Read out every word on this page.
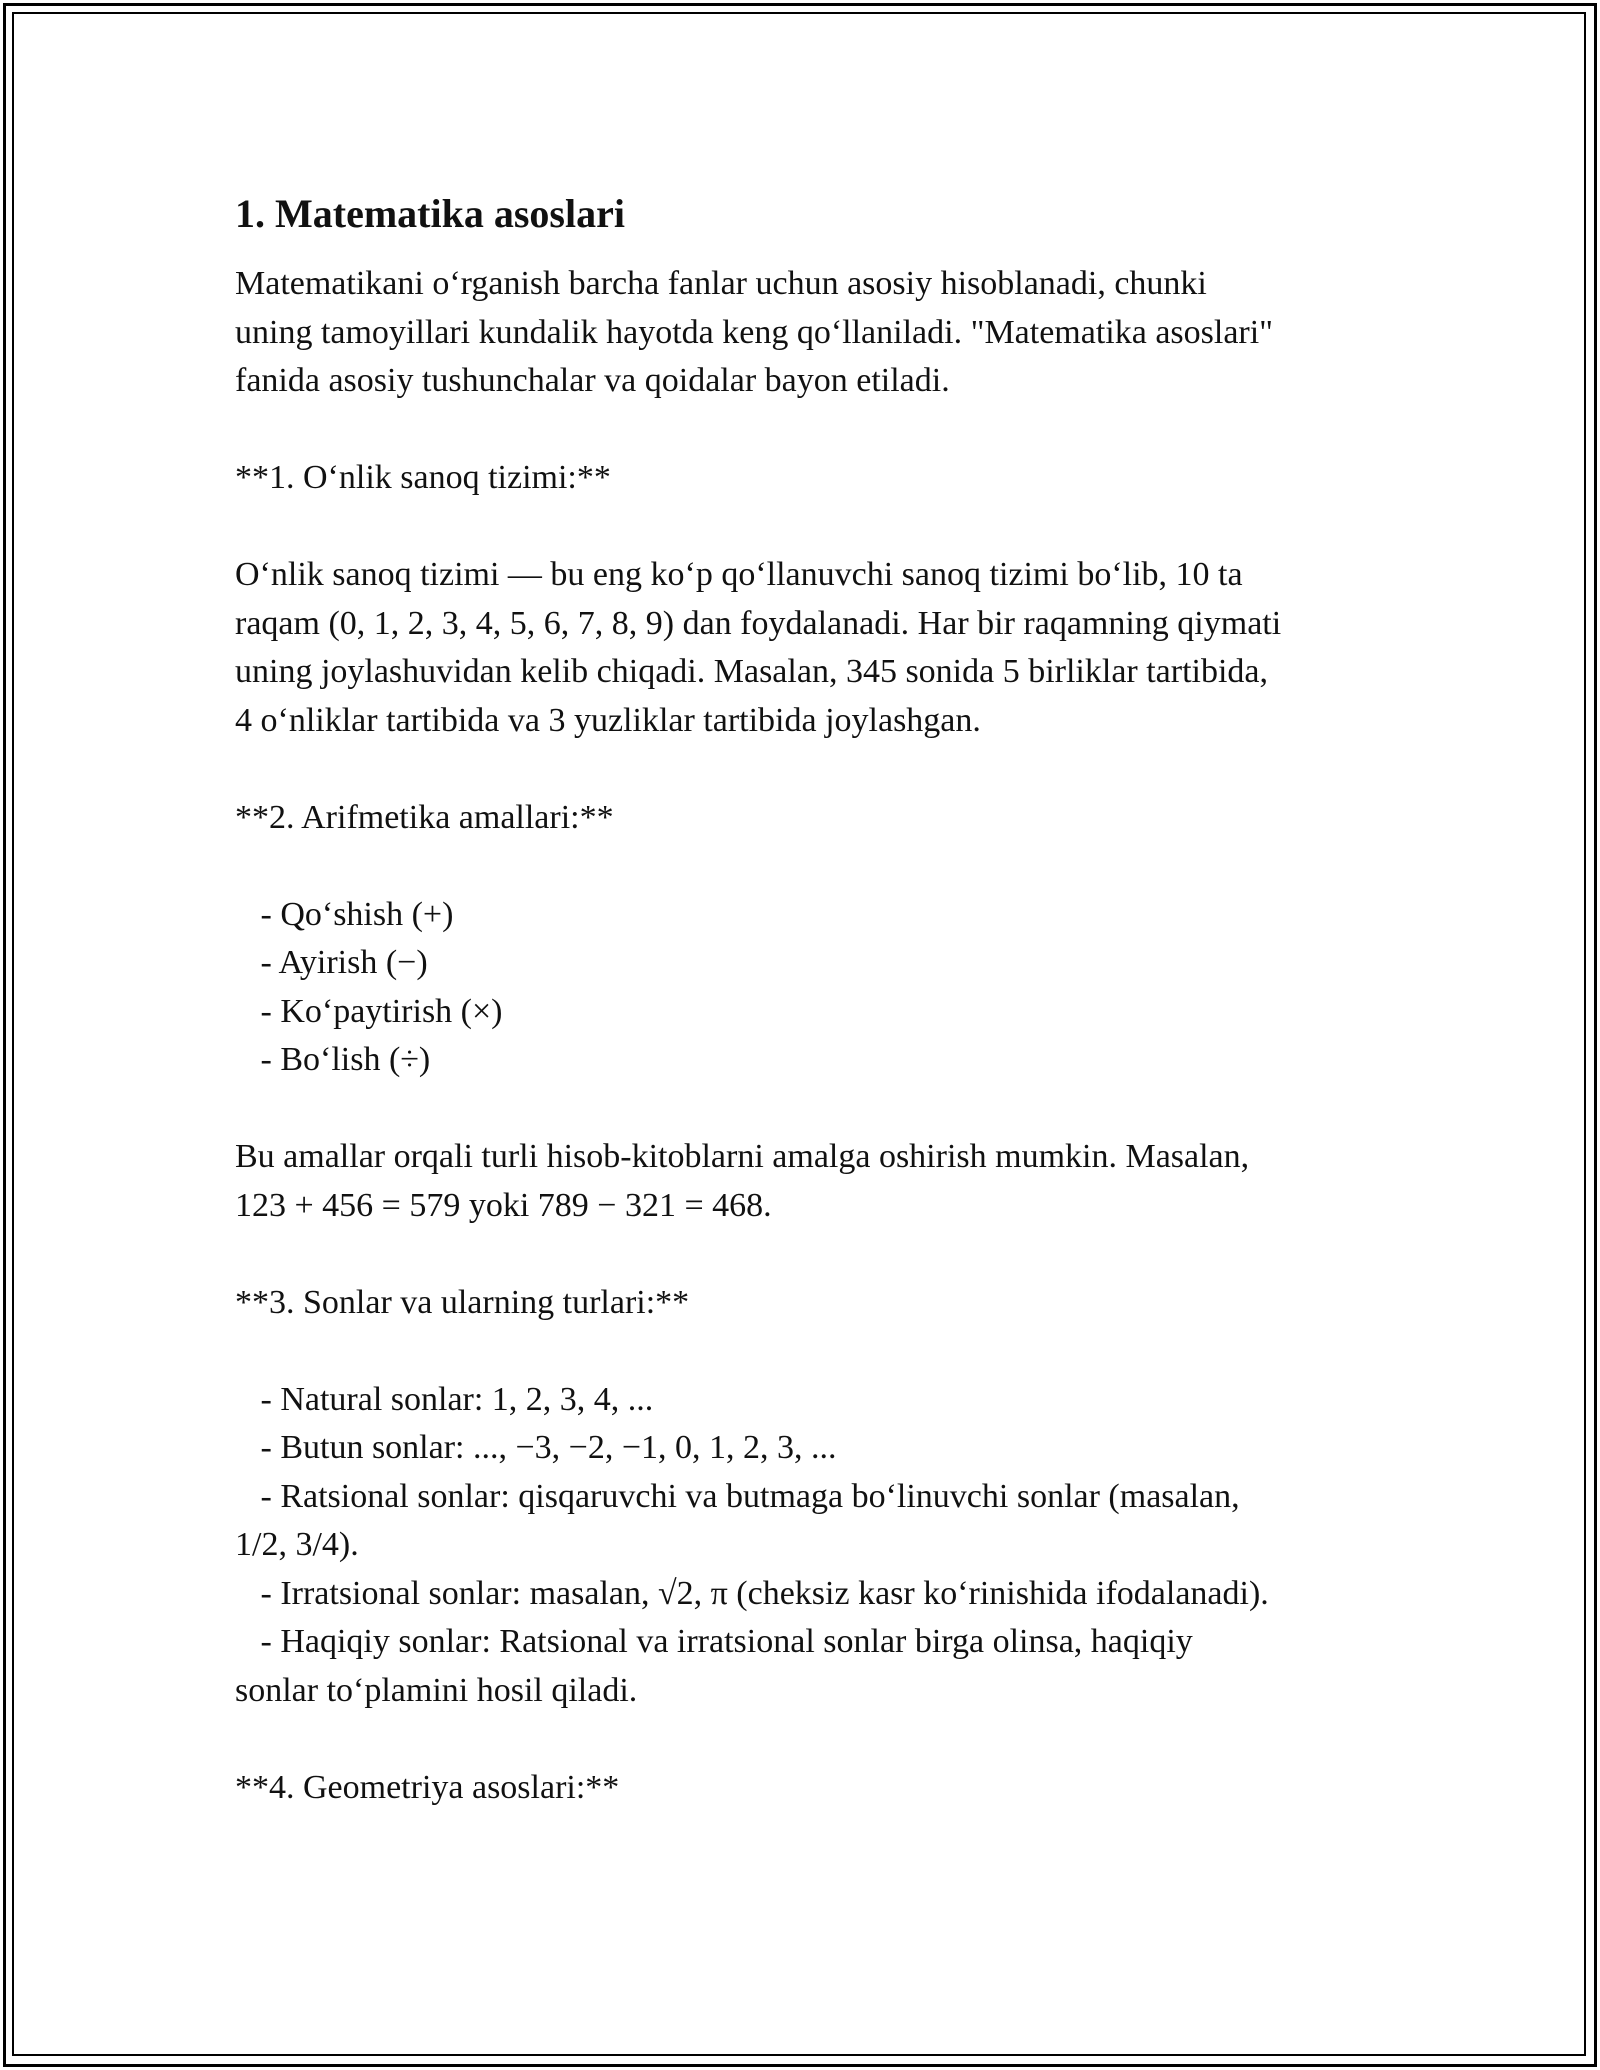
1. Matematika asoslari

Matematikani o‘rganish barcha fanlar uchun asosiy hisoblanadi, chunki

uning tamoyillari kundalik hayotda keng qo‘llaniladi. "Matematika asoslari"

fanida asosiy tushunchalar va qoidalar bayon etiladi.

**1. O‘nlik sanoq tizimi:**

O‘nlik sanoq tizimi — bu eng ko‘p qo‘llanuvchi sanoq tizimi bo‘lib, 10 ta

raqam (0, 1, 2, 3, 4, 5, 6, 7, 8, 9) dan foydalanadi. Har bir raqamning qiymati

uning joylashuvidan kelib chiqadi. Masalan, 345 sonida 5 birliklar tartibida,

4 o‘nliklar tartibida va 3 yuzliklar tartibida joylashgan.

**2. Arifmetika amallari:**

- Qo‘shish (+)
- Ayirish (−)
- Ko‘paytirish (×)
- Bo‘lish (÷)

Bu amallar orqali turli hisob-kitoblarni amalga oshirish mumkin. Masalan,

123 + 456 = 579 yoki 789 − 321 = 468.

**3. Sonlar va ularning turlari:**

- Natural sonlar: 1, 2, 3, 4, ...

- Butun sonlar: ..., −3, −2, −1, 0, 1, 2, 3, ...

- Ratsional sonlar: qisqaruvchi va butmaga bo‘linuvchi sonlar (masalan,

1/2, 3/4).

- Irratsional sonlar: masalan, √2, π (cheksiz kasr ko‘rinishida ifodalanadi).

- Haqiqiy sonlar: Ratsional va irratsional sonlar birga olinsa, haqiqiy

sonlar to‘plamini hosil qiladi.

**4. Geometriya asoslari:**
